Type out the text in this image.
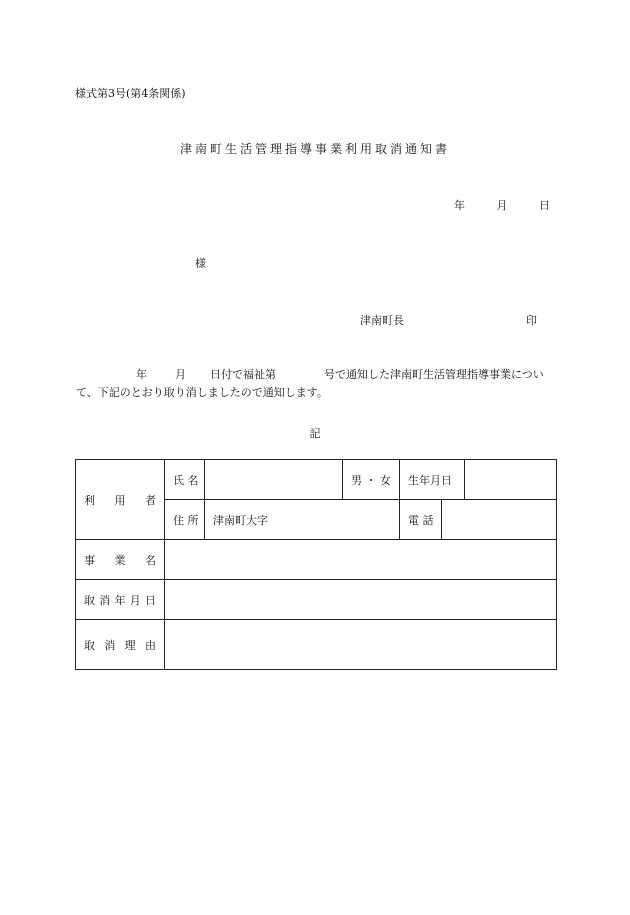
様式第3号(第4条関係)
津南町生活管理指導事業利用取消通知書
年	月	日
様
津南町長	印
年	月 日付で福祉第	号で通知した津南町生活管理指導事業について、下記のとおり取り消しましたので通知します。
記
利 用 者	氏 名		男 ・ 女	生年月日		
	住 所	津南町大字		電 話		

事 業 名						

取 消 年 月 日						

取 消 理 由						
